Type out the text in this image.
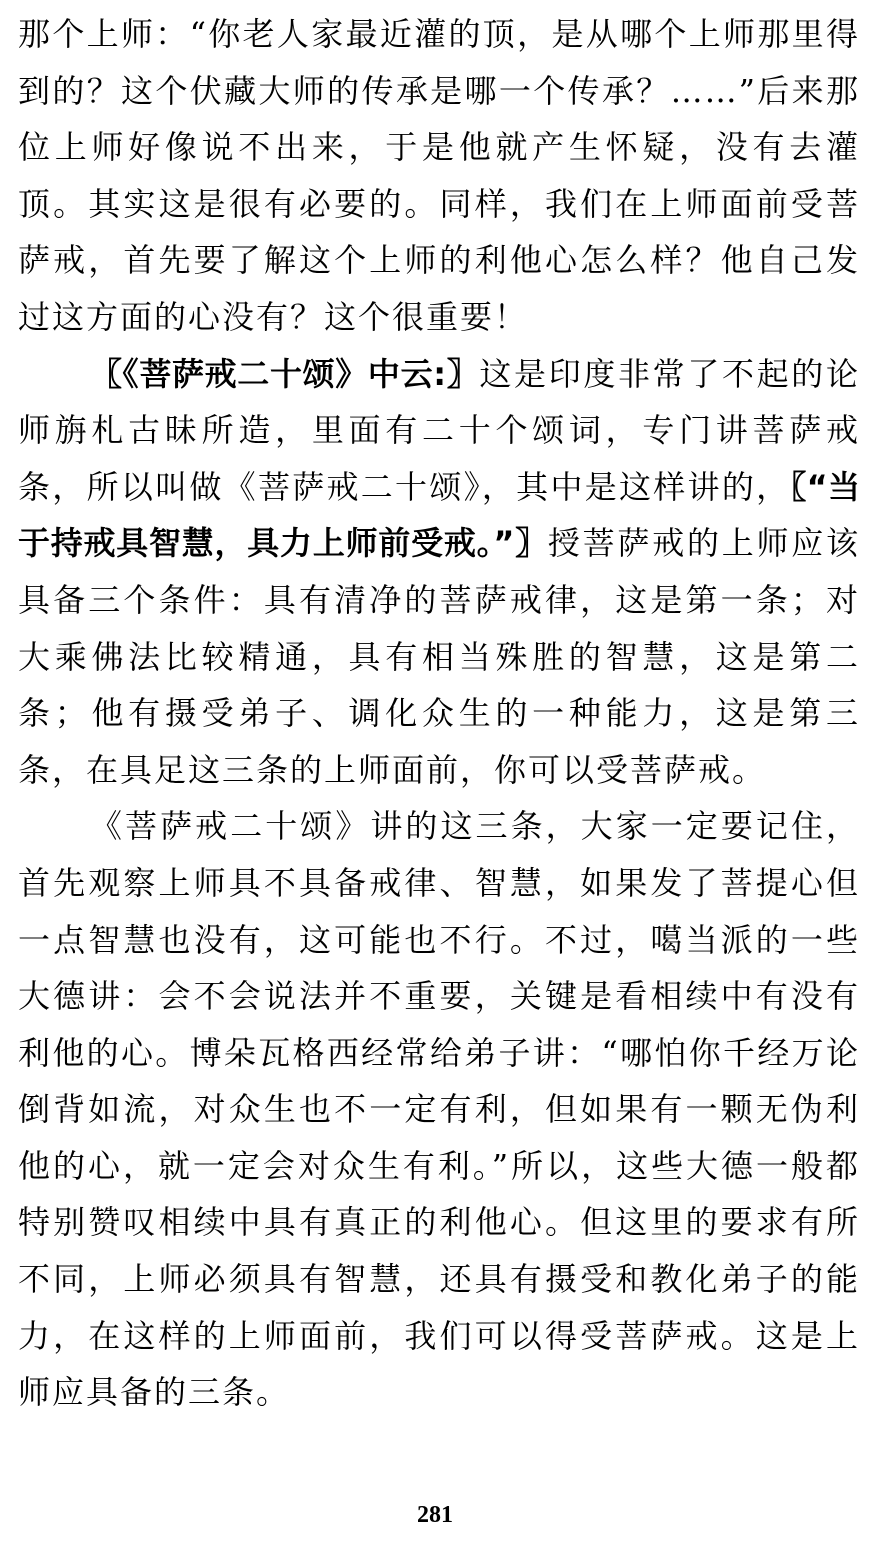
那个上师：“你老人家最近灌的顶，是从哪个上师那里得到的？这个伏藏大师的传承是哪一个传承？……”后来那位上师好像说不出来，于是他就产生怀疑，没有去灌顶。其实这是很有必要的。同样，我们在上师面前受菩萨戒，首先要了解这个上师的利他心怎么样？他自己发过这方面的心没有？这个很重要！

〖《菩萨戒二十颂》中云:〗这是印度非常了不起的论师旃札古昧所造，里面有二十个颂词，专门讲菩萨戒条，所以叫做《菩萨戒二十颂》，其中是这样讲的，〖“当于持戒具智慧，具力上师前受戒。”〗授菩萨戒的上师应该具备三个条件：具有清净的菩萨戒律，这是第一条；对大乘佛法比较精通，具有相当殊胜的智慧，这是第二条；他有摄受弟子、调化众生的一种能力，这是第三条，在具足这三条的上师面前，你可以受菩萨戒。

《菩萨戒二十颂》讲的这三条，大家一定要记住，首先观察上师具不具备戒律、智慧，如果发了菩提心但一点智慧也没有，这可能也不行。不过，噶当派的一些大德讲：会不会说法并不重要，关键是看相续中有没有利他的心。博朵瓦格西经常给弟子讲：“哪怕你千经万论倒背如流，对众生也不一定有利，但如果有一颗无伪利他的心，就一定会对众生有利。”所以，这些大德一般都特别赞叹相续中具有真正的利他心。但这里的要求有所不同，上师必须具有智慧，还具有摄受和教化弟子的能力，在这样的上师面前，我们可以得受菩萨戒。这是上师应具备的三条。

281
